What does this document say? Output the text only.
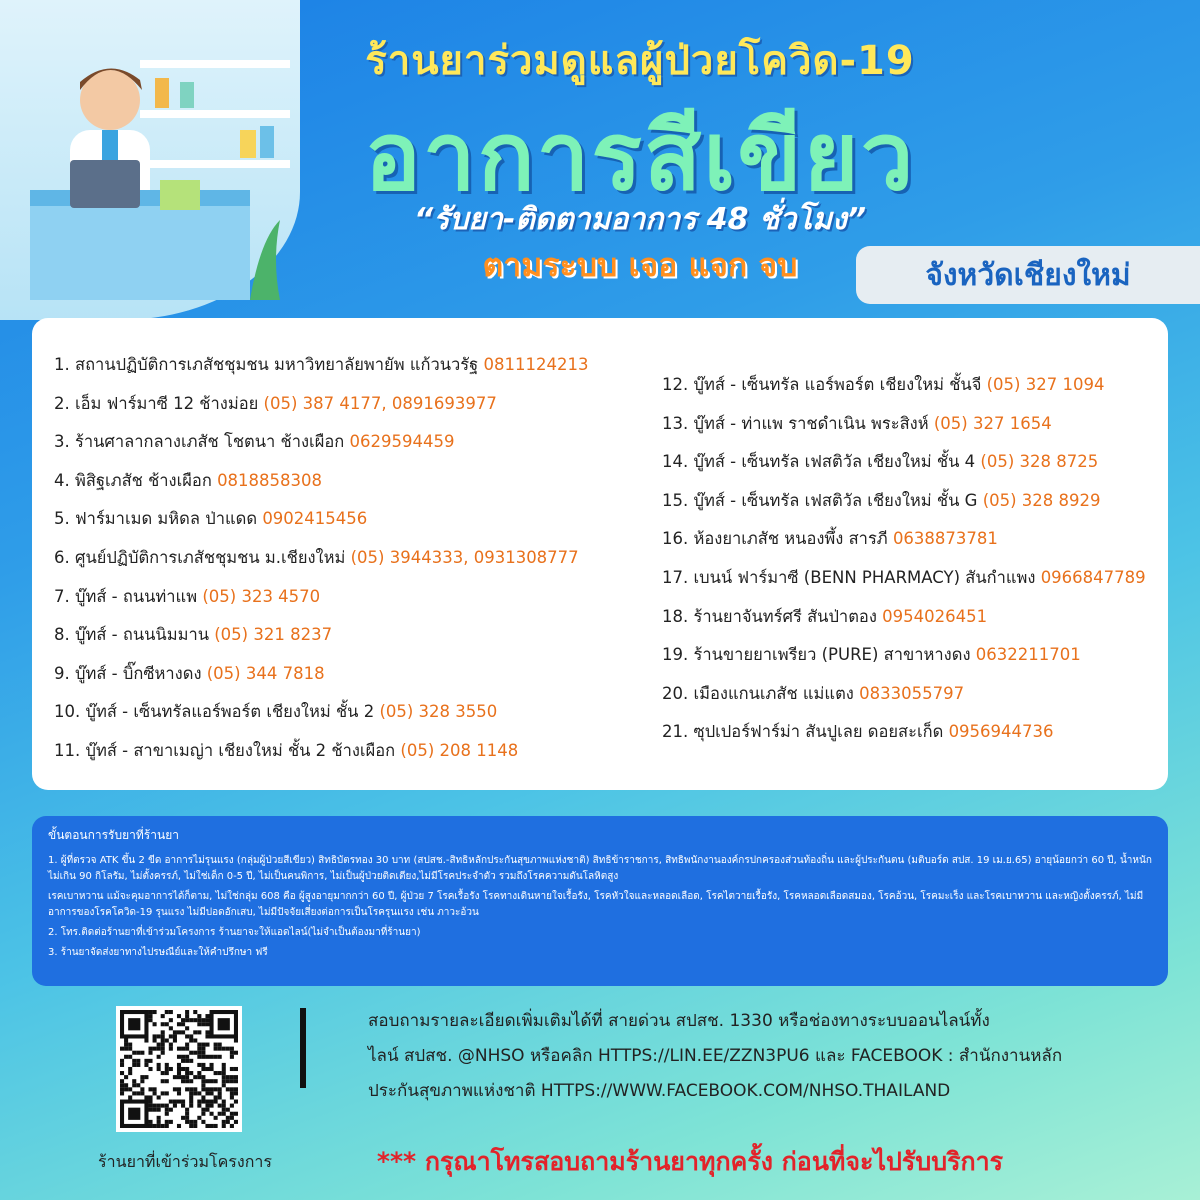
ร้านยาร่วมดูแลผู้ป่วยโควิด-19
อาการสีเขียว
“รับยา-ติดตามอาการ 48 ชั่วโมง”
ตามระบบ เจอ แจก จบ	จังหวัดเชียงใหม่
1. สถานปฏิบัติการเภสัชชุมชน มหาวิทยาลัยพายัพ แก้วนวรัฐ 0811124213
2. เอ็ม ฟาร์มาซี 12 ช้างม่อย (05) 387 4177, 0891693977
3. ร้านศาลากลางเภสัช โชตนา ช้างเผือก 0629594459
4. พิสิฐเภสัช ช้างเผือก 0818858308
5. ฟาร์มาเมด มหิดล ป่าแดด 0902415456
6. ศูนย์ปฏิบัติการเภสัชชุมชน ม.เชียงใหม่ (05) 3944333, 0931308777
7. บู๊ทส์ - ถนนท่าแพ (05) 323 4570
8. บู๊ทส์ - ถนนนิมมาน (05) 321 8237
9. บู๊ทส์ - บิ๊กซีหางดง (05) 344 7818
10. บู๊ทส์ - เซ็นทรัลแอร์พอร์ต เชียงใหม่ ชั้น 2 (05) 328 3550
11. บู๊ทส์ - สาขาเมญ่า เชียงใหม่ ชั้น 2 ช้างเผือก (05) 208 1148
12. บู๊ทส์ - เซ็นทรัล แอร์พอร์ต เชียงใหม่ ชั้นจี (05) 327 1094
13. บู๊ทส์ - ท่าแพ ราชดำเนิน พระสิงห์ (05) 327 1654
14. บู๊ทส์ - เซ็นทรัล เฟสติวัล เชียงใหม่ ชั้น 4 (05) 328 8725
15. บู๊ทส์ - เซ็นทรัล เฟสติวัล เชียงใหม่ ชั้น G (05) 328 8929
16. ห้องยาเภสัช หนองพึ้ง สารภี 0638873781
17. เบนน์ ฟาร์มาซี (BENN PHARMACY) สันกำแพง 0966847789
18. ร้านยาจันทร์ศรี สันป่าตอง 0954026451
19. ร้านขายยาเพรียว (PURE) สาขาหางดง 0632211701
20. เมืองแกนเภสัช แม่แตง 0833055797
21. ซุปเปอร์ฟาร์ม่า สันปูเลย ดอยสะเก็ด 0956944736
ขั้นตอนการรับยาที่ร้านยา
1. ผู้ที่ตรวจ ATK ขึ้น 2 ขีด อาการไม่รุนแรง (กลุ่มผู้ป่วยสีเขียว) สิทธิบัตรทอง 30 บาท (สปสช.-สิทธิหลักประกันสุขภาพแห่งชาติ) สิทธิข้าราชการ, สิทธิพนักงานองค์กรปกครองส่วนท้องถิ่น และผู้ประกันตน (มติบอร์ด สปส. 19 เม.ย.65) อายุน้อยกว่า 60 ปี, น้ำหนักไม่เกิน 90 กิโลรัม, ไม่ตั้งครรภ์, ไม่ใช่เด็ก 0-5 ปี, ไม่เป็นคนพิการ, ไม่เป็นผู้ป่วยติดเตียง,ไม่มีโรคประจำตัว รวมถึงโรคความดันโลหิตสูง
เรคเบาหวาน แม้จะคุมอาการได้ก็ตาม, ไม่ใช่กลุ่ม 608 คือ ผู้สูงอายุมากกว่า 60 ปี, ผู้ป่วย 7 โรคเรื้อรัง โรคทางเดินหายใจเรื้อรัง, โรคหัวใจและหลอดเลือด, โรคไตวายเรื้อรัง, โรคหลอดเลือดสมอง, โรคอ้วน, โรคมะเร็ง และโรคเบาหวาน และหญิงตั้งครรภ์, ไม่มีอาการของโรคโควิด-19 รุนแรง ไม่มีปอดอักเสบ, ไม่มีปัจจัยเสี่ยงต่อการเป็นโรครุนแรง เช่น ภาวะอ้วน
2. โทร.ติดต่อร้านยาที่เข้าร่วมโครงการ ร้านยาจะให้แอดไลน์(ไม่จำเป็นต้องมาที่ร้านยา)
3. ร้านยาจัดส่งยาทางไปรษณีย์และให้คำปรึกษา ฟรี
ร้านยาที่เข้าร่วมโครงการ
สอบถามรายละเอียดเพิ่มเติมได้ที่ สายด่วน สปสช. 1330 หรือช่องทางระบบออนไลน์ทั้ง
ไลน์ สปสช. @NHSO หรือคลิก HTTPS://LIN.EE/ZZN3PU6 และ FACEBOOK : สำนักงานหลัก
ประกันสุขภาพแห่งชาติ HTTPS://WWW.FACEBOOK.COM/NHSO.THAILAND
*** กรุณาโทรสอบถามร้านยาทุกครั้ง ก่อนที่จะไปรับบริการ
